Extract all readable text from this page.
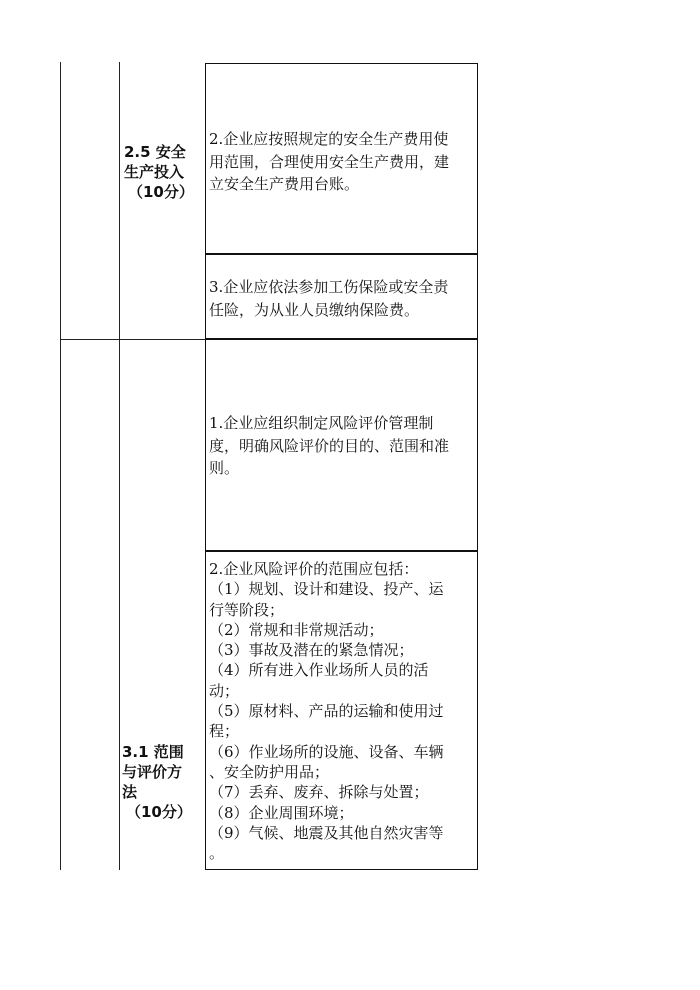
2.5 安全
生产投入
（10分）
3.1 范围
与评价方
法
（10分）
2.企业应按照规定的安全生产费用使
用范围，合理使用安全生产费用，建
立安全生产费用台账。
3.企业应依法参加工伤保险或安全责
任险，为从业人员缴纳保险费。
1.企业应组织制定风险评价管理制
度，明确风险评价的目的、范围和准
则。
2.企业风险评价的范围应包括：
（1）规划、设计和建设、投产、运
行等阶段；
（2）常规和非常规活动；
（3）事故及潜在的紧急情况；
（4）所有进入作业场所人员的活
动；
（5）原材料、产品的运输和使用过
程；
（6）作业场所的设施、设备、车辆
、安全防护用品；
（7）丢弃、废弃、拆除与处置；
（8）企业周围环境；
（9）气候、地震及其他自然灾害等
。
